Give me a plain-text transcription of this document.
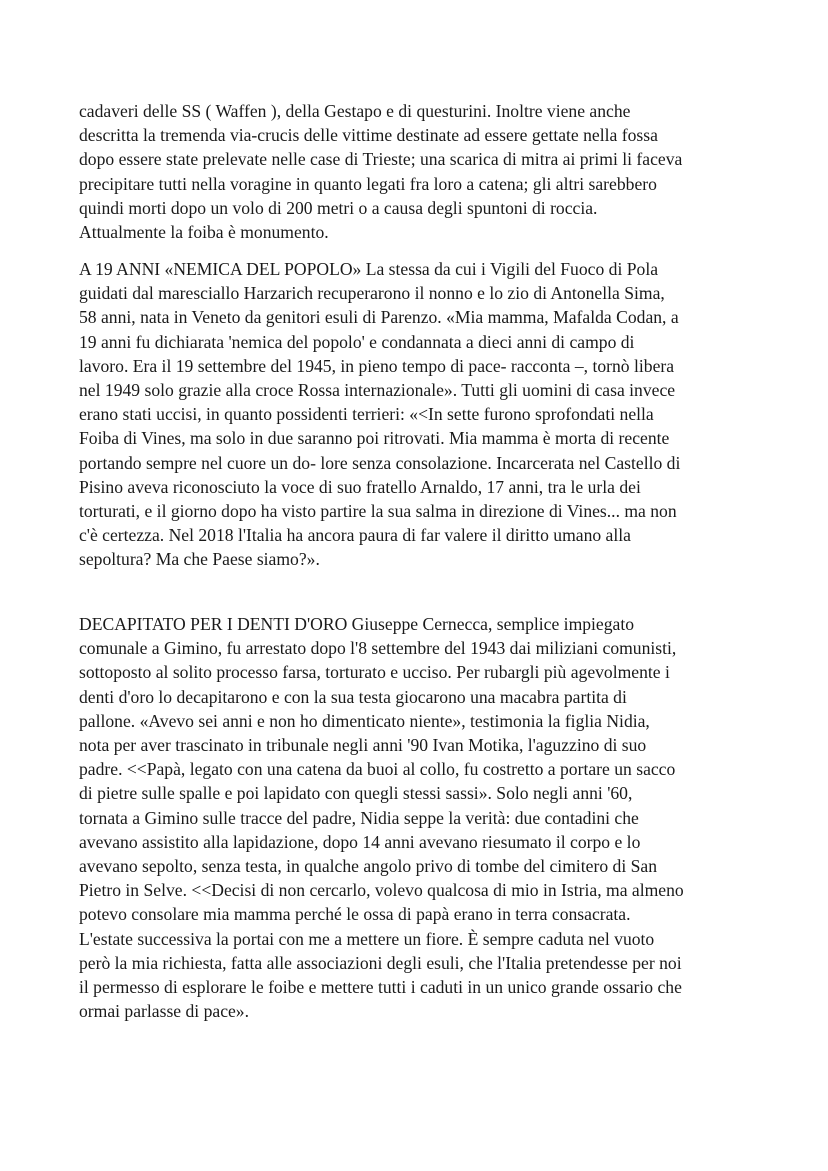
cadaveri delle SS ( Waffen ), della Gestapo e di questurini. Inoltre viene anche
descritta la tremenda via-crucis delle vittime destinate ad essere gettate nella fossa
dopo essere state prelevate nelle case di Trieste; una scarica di mitra ai primi li faceva
precipitare tutti nella voragine in quanto legati fra loro a catena; gli altri sarebbero
quindi morti dopo un volo di 200 metri o a causa degli spuntoni di roccia.
Attualmente la foiba è monumento.

A 19 ANNI «NEMICA DEL POPOLO» La stessa da cui i Vigili del Fuoco di Pola
guidati dal maresciallo Harzarich recuperarono il nonno e lo zio di Antonella Sima,
58 anni, nata in Veneto da genitori esuli di Parenzo. «Mia mamma, Mafalda Codan, a
19 anni fu dichiarata 'nemica del popolo' e condannata a dieci anni di campo di
lavoro. Era il 19 settembre del 1945, in pieno tempo di pace- racconta –, tornò libera
nel 1949 solo grazie alla croce Rossa internazionale». Tutti gli uomini di casa invece
erano stati uccisi, in quanto possidenti terrieri: «<In sette furono sprofondati nella
Foiba di Vines, ma solo in due saranno poi ritrovati. Mia mamma è morta di recente
portando sempre nel cuore un do- lore senza consolazione. Incarcerata nel Castello di
Pisino aveva riconosciuto la voce di suo fratello Arnaldo, 17 anni, tra le urla dei
torturati, e il giorno dopo ha visto partire la sua salma in direzione di Vines... ma non
c'è certezza. Nel 2018 l'Italia ha ancora paura di far valere il diritto umano alla
sepoltura? Ma che Paese siamo?».

DECAPITATO PER I DENTI D'ORO Giuseppe Cernecca, semplice impiegato
comunale a Gimino, fu arrestato dopo l'8 settembre del 1943 dai miliziani comunisti,
sottoposto al solito processo farsa, torturato e ucciso. Per rubargli più agevolmente i
denti d'oro lo decapitarono e con la sua testa giocarono una macabra partita di
pallone. «Avevo sei anni e non ho dimenticato niente», testimonia la figlia Nidia,
nota per aver trascinato in tribunale negli anni '90 Ivan Motika, l'aguzzino di suo
padre. <<Papà, legato con una catena da buoi al collo, fu costretto a portare un sacco
di pietre sulle spalle e poi lapidato con quegli stessi sassi». Solo negli anni '60,
tornata a Gimino sulle tracce del padre, Nidia seppe la verità: due contadini che
avevano assistito alla lapidazione, dopo 14 anni avevano riesumato il corpo e lo
avevano sepolto, senza testa, in qualche angolo privo di tombe del cimitero di San
Pietro in Selve. <<Decisi di non cercarlo, volevo qualcosa di mio in Istria, ma almeno
potevo consolare mia mamma perché le ossa di papà erano in terra consacrata.
L'estate successiva la portai con me a mettere un fiore. È sempre caduta nel vuoto
però la mia richiesta, fatta alle associazioni degli esuli, che l'Italia pretendesse per noi
il permesso di esplorare le foibe e mettere tutti i caduti in un unico grande ossario che
ormai parlasse di pace».
